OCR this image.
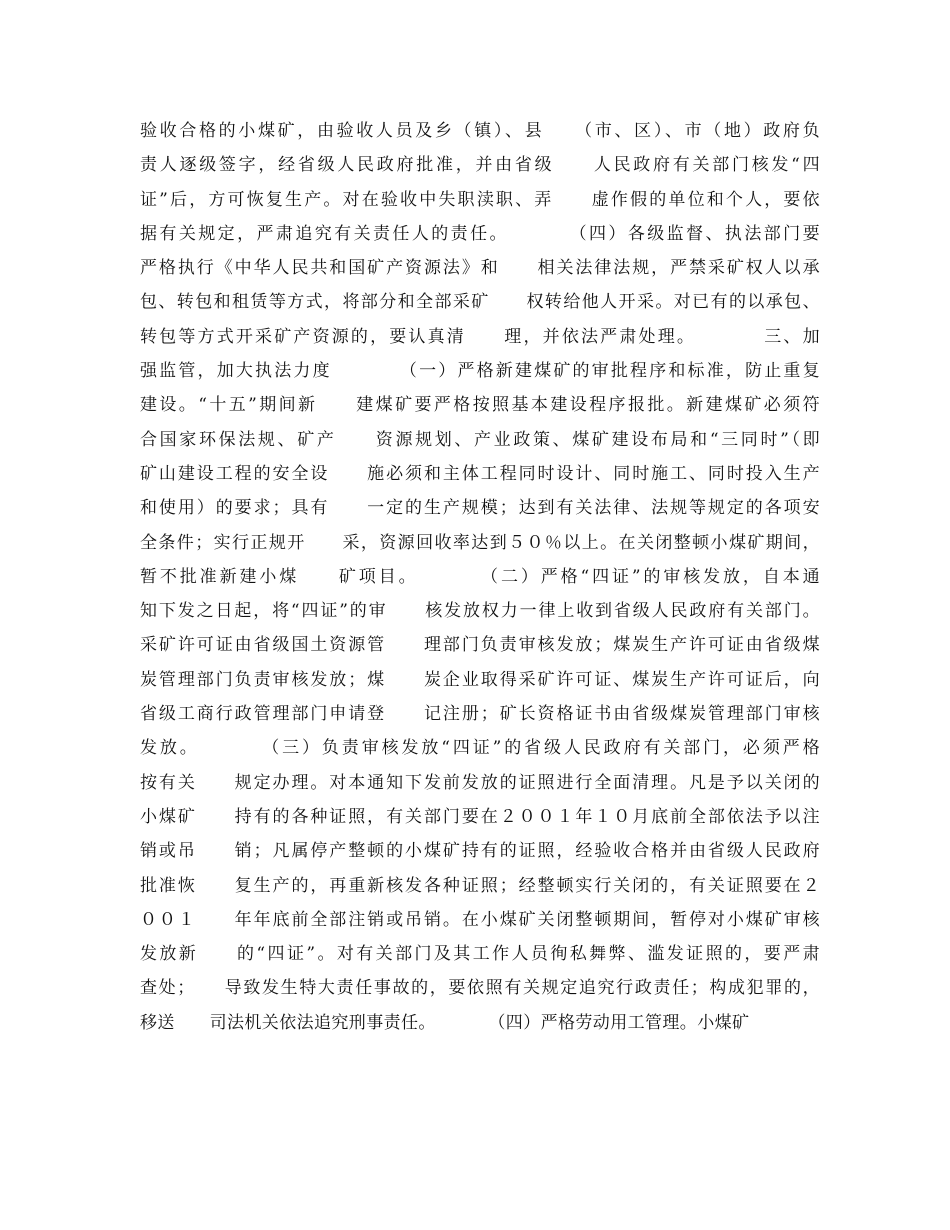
验收合格的小煤矿，由验收人员及乡（镇）、县　　（市、区）、市（地）政府负
责人逐级签字，经省级人民政府批准，并由省级　　人民政府有关部门核发“四
证”后，方可恢复生产。对在验收中失职渎职、弄　　虚作假的单位和个人，要依
据有关规定，严肃追究有关责任人的责任。　　　　（四）各级监督、执法部门要
严格执行《中华人民共和国矿产资源法》和　　相关法律法规，严禁采矿权人以承
包、转包和租赁等方式，将部分和全部采矿　　权转给他人开采。对已有的以承包、
转包等方式开采矿产资源的，要认真清　　理，并依法严肃处理。　　　　三、加
强监管，加大执法力度　　　　（一）严格新建煤矿的审批程序和标准，防止重复
建设。“十五”期间新　　建煤矿要严格按照基本建设程序报批。新建煤矿必须符
合国家环保法规、矿产　　资源规划、产业政策、煤矿建设布局和“三同时”（即
矿山建设工程的安全设　　施必须和主体工程同时设计、同时施工、同时投入生产
和使用）的要求；具有　　一定的生产规模；达到有关法律、法规等规定的各项安
全条件；实行正规开　　采，资源回收率达到５０％以上。在关闭整顿小煤矿期间，
暂不批准新建小煤　　矿项目。　　　　（二）严格“四证”的审核发放，自本通
知下发之日起，将“四证”的审　　核发放权力一律上收到省级人民政府有关部门。
采矿许可证由省级国土资源管　　理部门负责审核发放；煤炭生产许可证由省级煤
炭管理部门负责审核发放；煤　　炭企业取得采矿许可证、煤炭生产许可证后，向
省级工商行政管理部门申请登　　记注册；矿长资格证书由省级煤炭管理部门审核
发放。　　　　（三）负责审核发放“四证”的省级人民政府有关部门，必须严格
按有关　　规定办理。对本通知下发前发放的证照进行全面清理。凡是予以关闭的
小煤矿　　持有的各种证照，有关部门要在２００１年１０月底前全部依法予以注
销或吊　　销；凡属停产整顿的小煤矿持有的证照，经验收合格并由省级人民政府
批准恢　　复生产的，再重新核发各种证照；经整顿实行关闭的，有关证照要在２
００１　　年年底前全部注销或吊销。在小煤矿关闭整顿期间，暂停对小煤矿审核
发放新　　的“四证”。对有关部门及其工作人员徇私舞弊、滥发证照的，要严肃
查处；　　导致发生特大责任事故的，要依照有关规定追究行政责任；构成犯罪的，
移送　　司法机关依法追究刑事责任。　　　　（四）严格劳动用工管理。小煤矿
